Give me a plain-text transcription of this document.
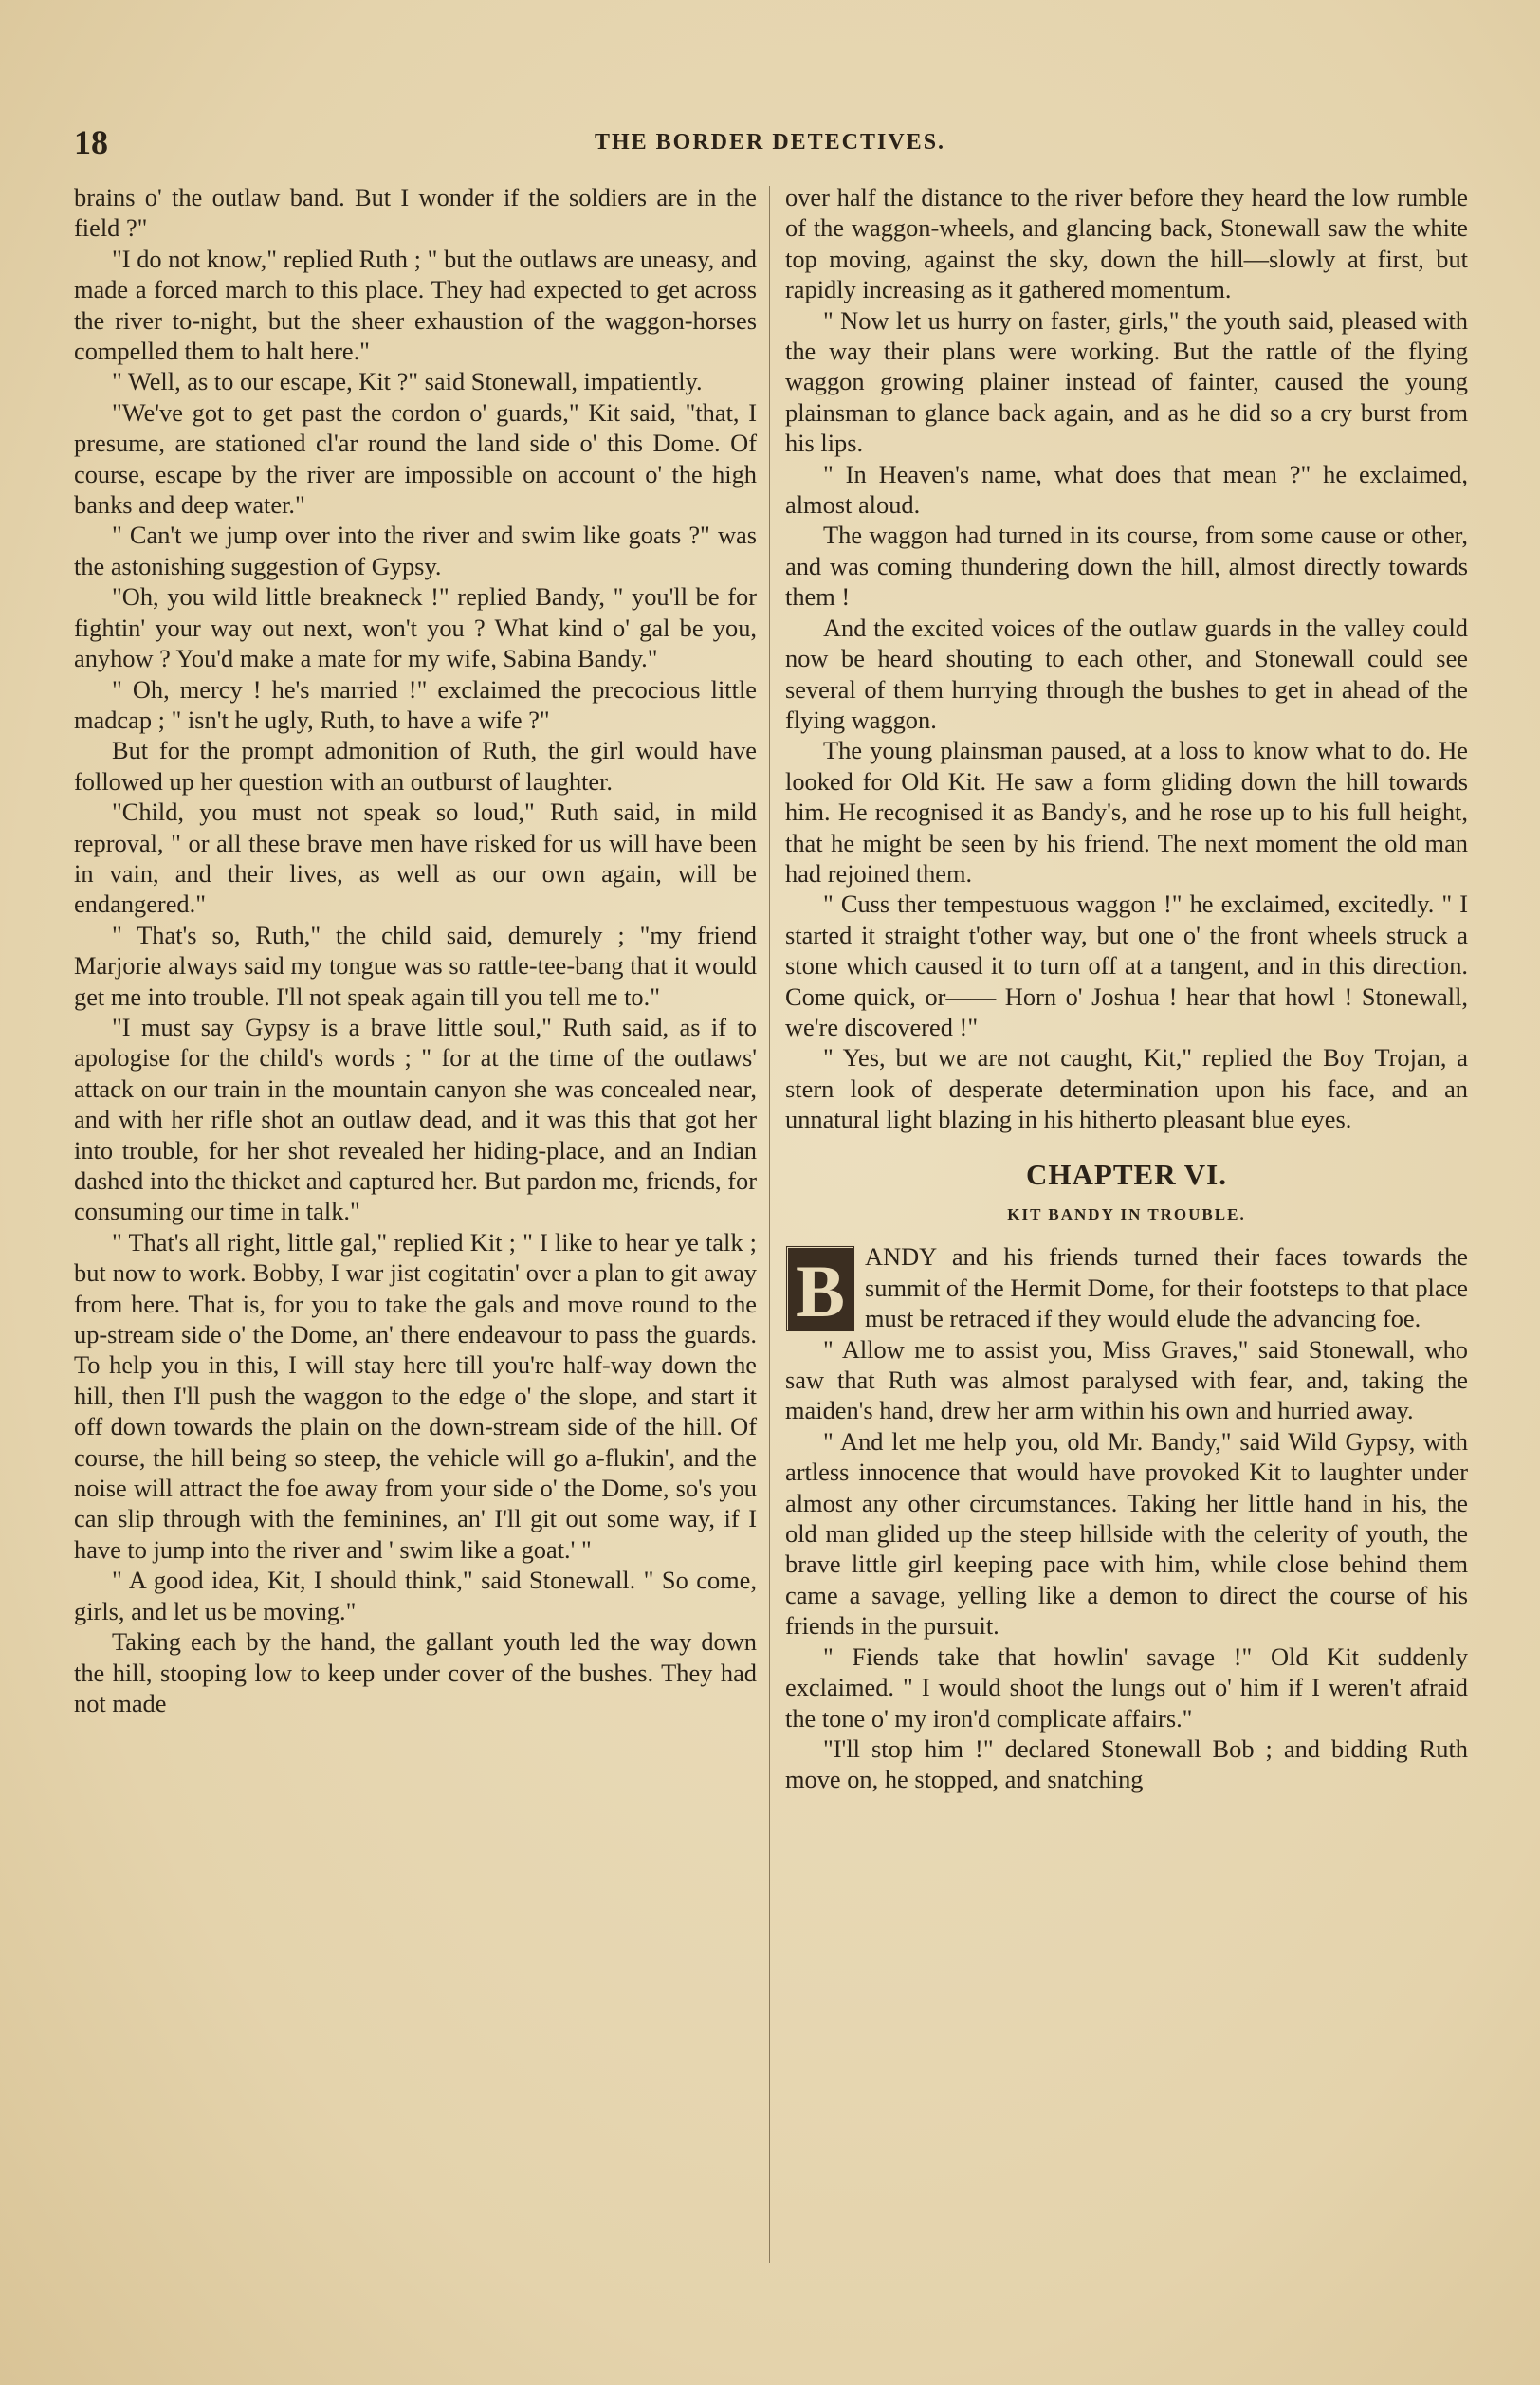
18	THE BORDER DETECTIVES.

brains o' the outlaw band. But I wonder if the soldiers are in the field ?"

"I do not know," replied Ruth ; " but the outlaws are uneasy, and made a forced march to this place. They had expected to get across the river to-night, but the sheer exhaustion of the waggon-horses compelled them to halt here."

" Well, as to our escape, Kit ?" said Stonewall, impatiently.

"We've got to get past the cordon o' guards," Kit said, "that, I presume, are stationed cl'ar round the land side o' this Dome. Of course, escape by the river are impossible on account o' the high banks and deep water."

" Can't we jump over into the river and swim like goats ?" was the astonishing suggestion of Gypsy.

"Oh, you wild little breakneck !" replied Bandy, " you'll be for fightin' your way out next, won't you ? What kind o' gal be you, anyhow ? You'd make a mate for my wife, Sabina Bandy."

" Oh, mercy ! he's married !" exclaimed the precocious little madcap ; " isn't he ugly, Ruth, to have a wife ?"

But for the prompt admonition of Ruth, the girl would have followed up her question with an outburst of laughter.

"Child, you must not speak so loud," Ruth said, in mild reproval, " or all these brave men have risked for us will have been in vain, and their lives, as well as our own again, will be endangered."

" That's so, Ruth," the child said, demurely ; "my friend Marjorie always said my tongue was so rattle-tee-bang that it would get me into trouble. I'll not speak again till you tell me to."

"I must say Gypsy is a brave little soul," Ruth said, as if to apologise for the child's words ; " for at the time of the outlaws' attack on our train in the mountain canyon she was concealed near, and with her rifle shot an outlaw dead, and it was this that got her into trouble, for her shot revealed her hiding-place, and an Indian dashed into the thicket and captured her. But pardon me, friends, for consuming our time in talk."

" That's all right, little gal," replied Kit ; " I like to hear ye talk ; but now to work. Bobby, I war jist cogitatin' over a plan to git away from here. That is, for you to take the gals and move round to the up-stream side o' the Dome, an' there endeavour to pass the guards. To help you in this, I will stay here till you're half-way down the hill, then I'll push the waggon to the edge o' the slope, and start it off down towards the plain on the down-stream side of the hill. Of course, the hill being so steep, the vehicle will go a-flukin', and the noise will attract the foe away from your side o' the Dome, so's you can slip through with the feminines, an' I'll git out some way, if I have to jump into the river and ' swim like a goat.' "

" A good idea, Kit, I should think," said Stonewall. " So come, girls, and let us be moving."

Taking each by the hand, the gallant youth led the way down the hill, stooping low to keep under cover of the bushes. They had not made

over half the distance to the river before they heard the low rumble of the waggon-wheels, and glancing back, Stonewall saw the white top moving, against the sky, down the hill—slowly at first, but rapidly increasing as it gathered momentum.

" Now let us hurry on faster, girls," the youth said, pleased with the way their plans were working. But the rattle of the flying waggon growing plainer instead of fainter, caused the young plainsman to glance back again, and as he did so a cry burst from his lips.

" In Heaven's name, what does that mean ?" he exclaimed, almost aloud.

The waggon had turned in its course, from some cause or other, and was coming thundering down the hill, almost directly towards them !

And the excited voices of the outlaw guards in the valley could now be heard shouting to each other, and Stonewall could see several of them hurrying through the bushes to get in ahead of the flying waggon.

The young plainsman paused, at a loss to know what to do. He looked for Old Kit. He saw a form gliding down the hill towards him. He recognised it as Bandy's, and he rose up to his full height, that he might be seen by his friend. The next moment the old man had rejoined them.

" Cuss ther tempestuous waggon !" he exclaimed, excitedly. " I started it straight t'other way, but one o' the front wheels struck a stone which caused it to turn off at a tangent, and in this direction. Come quick, or—— Horn o' Joshua ! hear that howl ! Stonewall, we're discovered !"

" Yes, but we are not caught, Kit," replied the Boy Trojan, a stern look of desperate determination upon his face, and an unnatural light blazing in his hitherto pleasant blue eyes.

CHAPTER VI.
KIT BANDY IN TROUBLE.

B ANDY and his friends turned their faces towards the summit of the Hermit Dome, for their footsteps to that place must be retraced if they would elude the advancing foe.

" Allow me to assist you, Miss Graves," said Stonewall, who saw that Ruth was almost paralysed with fear, and, taking the maiden's hand, drew her arm within his own and hurried away.

" And let me help you, old Mr. Bandy," said Wild Gypsy, with artless innocence that would have provoked Kit to laughter under almost any other circumstances. Taking her little hand in his, the old man glided up the steep hillside with the celerity of youth, the brave little girl keeping pace with him, while close behind them came a savage, yelling like a demon to direct the course of his friends in the pursuit.

" Fiends take that howlin' savage !" Old Kit suddenly exclaimed. " I would shoot the lungs out o' him if I weren't afraid the tone o' my iron'd complicate affairs."

"I'll stop him !" declared Stonewall Bob ; and bidding Ruth move on, he stopped, and snatching
